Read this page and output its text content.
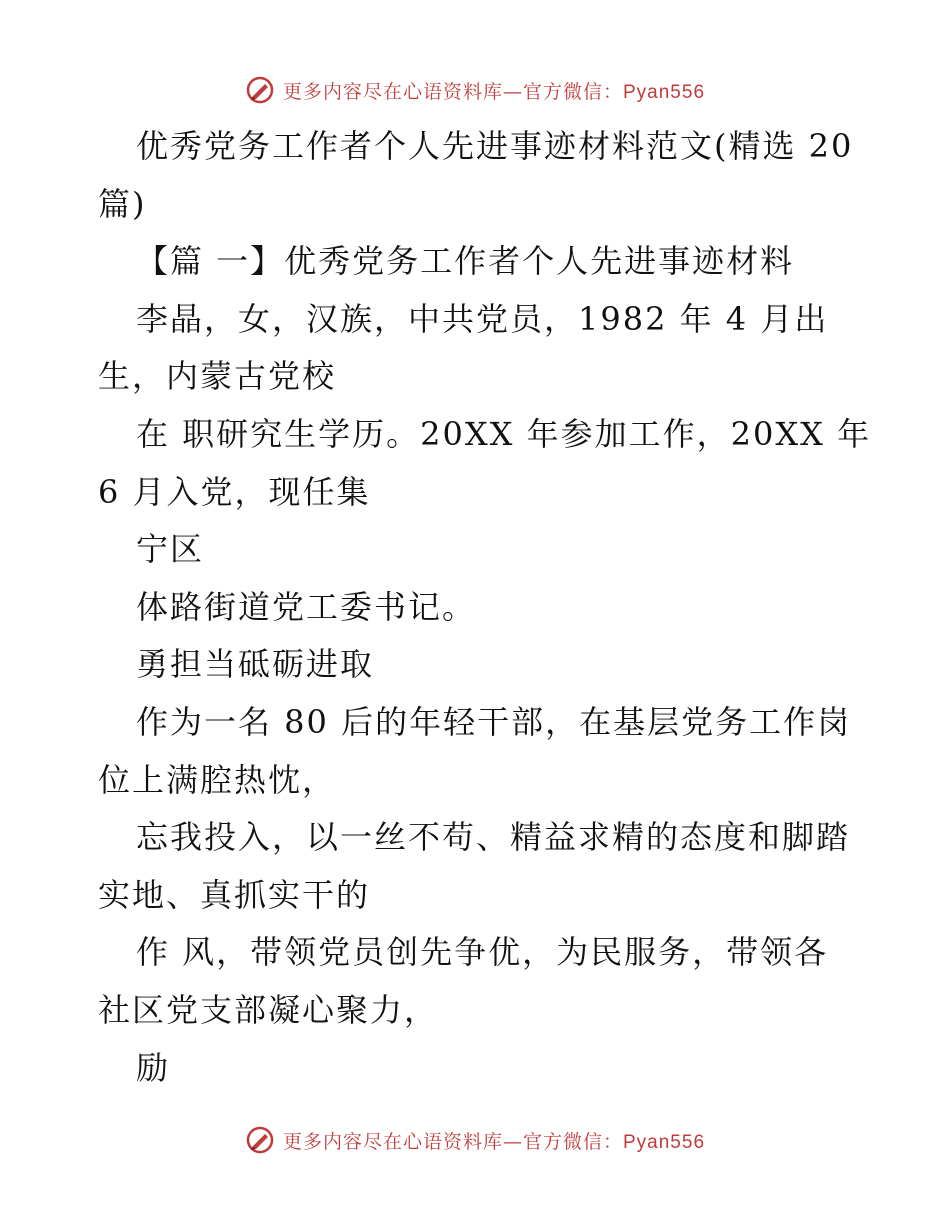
更多内容尽在心语资料库—官方微信：Pyan556
优秀党务工作者个人先进事迹材料范文(精选 20
篇)
【篇 一】优秀党务工作者个人先进事迹材料
李晶，女，汉族，中共党员，1982 年 4 月出
生，内蒙古党校
在 职研究生学历。20XX 年参加工作，20XX 年
6 月入党，现任集
宁区
体路街道党工委书记。
勇担当砥砺进取
作为一名 80 后的年轻干部，在基层党务工作岗
位上满腔热忱，
忘我投入，以一丝不苟、精益求精的态度和脚踏
实地、真抓实干的
作 风，带领党员创先争优，为民服务，带领各
社区党支部凝心聚力，
励
更多内容尽在心语资料库—官方微信：Pyan556
